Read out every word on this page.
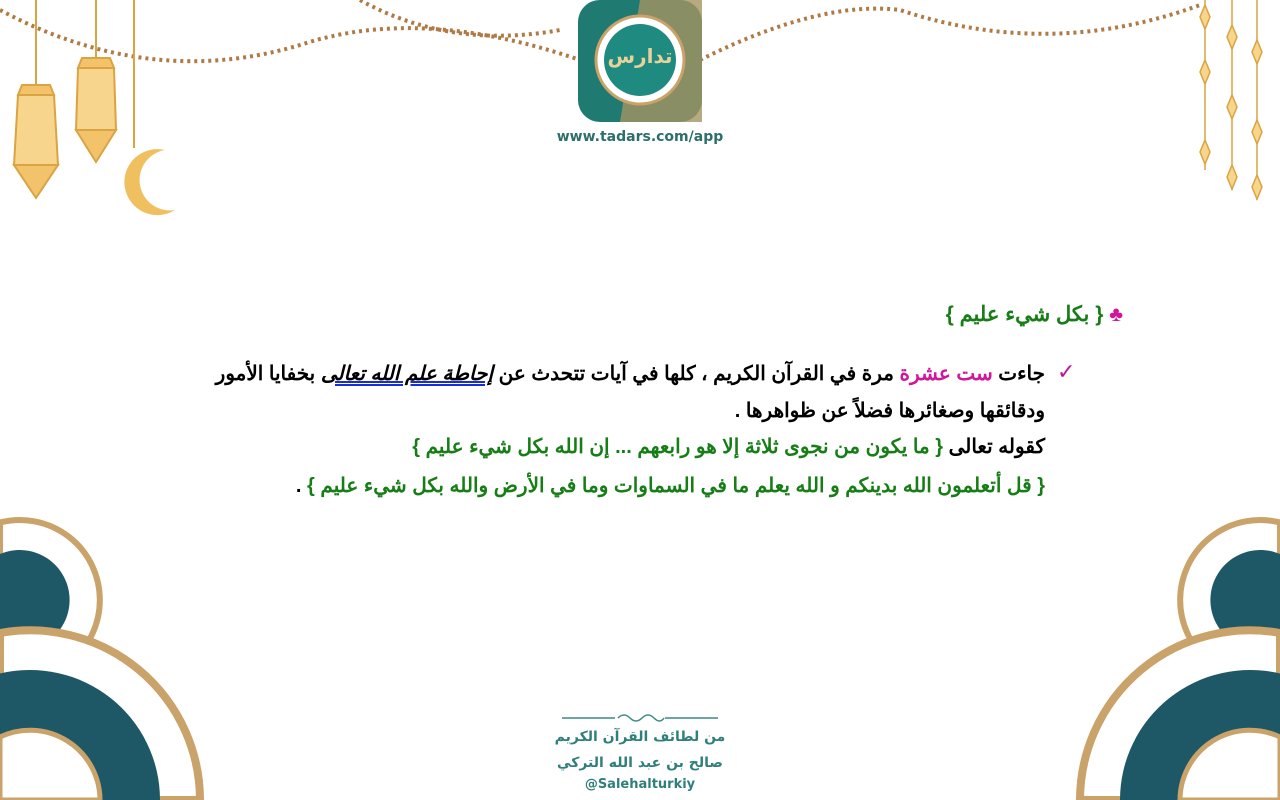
تدارس
www.tadars.com/app
♣ { بكل شيء عليم }
✓
جاءت ست عشرة مرة في القرآن الكريم ، كلها في آيات تتحدث عن إحاطة علم الله تعالى بخفايا الأمور
ودقائقها وصغائرها فضلاً عن ظواهرها .
كقوله تعالى { ما يكون من نجوى ثلاثة إلا هو رابعهم ... إن الله بكل شيء عليم }
{ قل أتعلمون الله بدينكم و الله يعلم ما في السماوات وما في الأرض والله بكل شيء عليم } .
من لطائف القرآن الكريم
صالح بن عبد الله التركي
@Salehalturkiy
